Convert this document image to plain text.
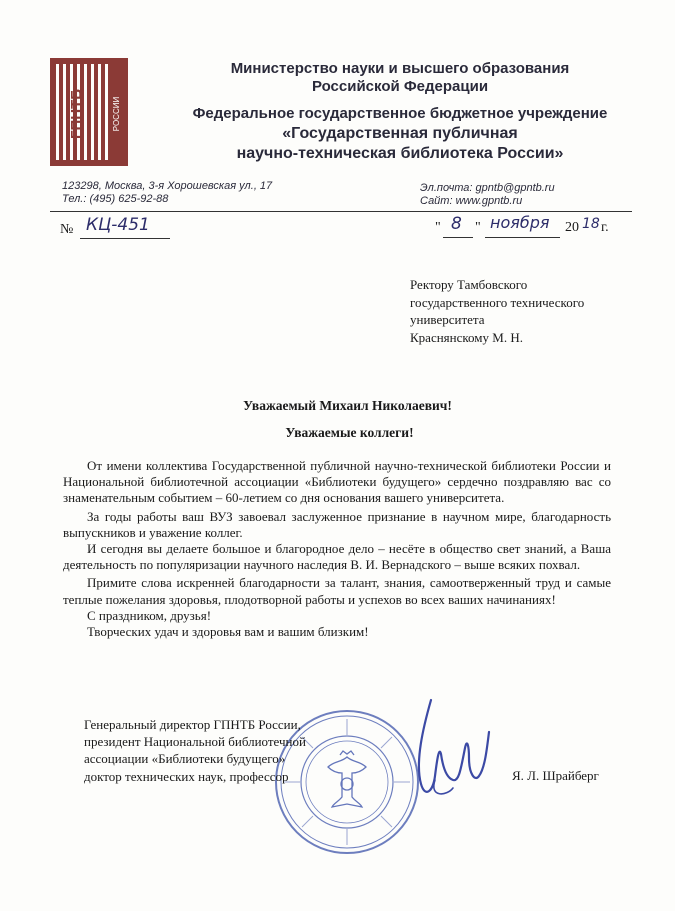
ГПНТБ	РОССИИ
Министерство науки и высшего образования
Российской Федерации
Федеральное государственное бюджетное учреждение
«Государственная публичная
научно-техническая библиотека России»
123298, Москва, 3-я Хорошевская ул., 17
Тел.: (495) 625-92-88
Эл.почта: gpntb@gpntb.ru
Сайт: www.gpntb.ru
№ КЦ-451	" 8 " ноября 20 18 г.
Ректору Тамбовского
государственного технического
университета
Краснянскому М. Н.
Уважаемый Михаил Николаевич!
Уважаемые коллеги!

От имени коллектива Государственной публичной научно-технической библиотеки России и Национальной библиотечной ассоциации «Библиотеки будущего» сердечно поздравляю вас со знаменательным событием – 60-летием со дня основания вашего университета.

За годы работы ваш ВУЗ завоевал заслуженное признание в научном мире, благодарность выпускников и уважение коллег.

И сегодня вы делаете большое и благородное дело – несёте в общество свет знаний, а Ваша деятельность по популяризации научного наследия В. И. Вернадского – выше всяких похвал.

Примите слова искренней благодарности за талант, знания, самоотверженный труд и самые теплые пожелания здоровья, плодотворной работы и успехов во всех ваших начинаниях!

С праздником, друзья!

Творческих удач и здоровья вам и вашим близким!

Генеральный директор ГПНТБ России,
президент Национальной библиотечной
ассоциации «Библиотеки будущего»
доктор технических наук, профессор	Я. Л. Шрайберг
